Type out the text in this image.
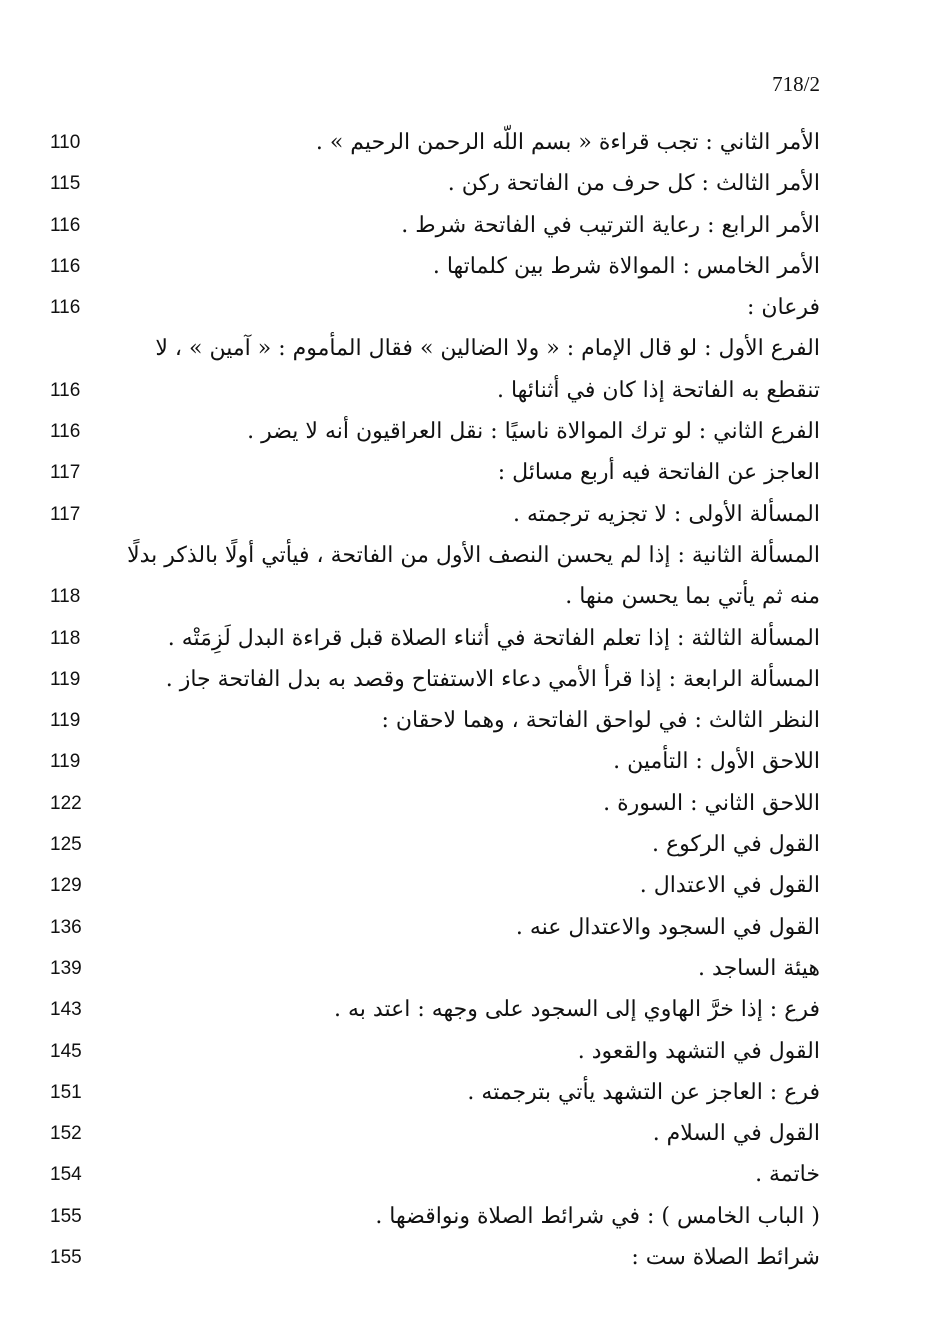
718/2
الأمر الثاني : تجب قراءة « بسم اللّه الرحمن الرحيم » .
110
الأمر الثالث : كل حرف من الفاتحة ركن .
115
الأمر الرابع : رعاية الترتيب في الفاتحة شرط .
116
الأمر الخامس : الموالاة شرط بين كلماتها .
116
فرعان :
116
الفرع الأول : لو قال الإمام : « ولا الضالين » فقال المأموم : « آمين » ، لا تنقطع به الفاتحة إذا كان في أثنائها .
116
الفرع الثاني : لو ترك الموالاة ناسيًا : نقل العراقيون أنه لا يضر .
116
العاجز عن الفاتحة فيه أربع مسائل :
117
المسألة الأولى : لا تجزيه ترجمته .
117
المسألة الثانية : إذا لم يحسن النصف الأول من الفاتحة ، فيأتي أولًا بالذكر بدلًا منه ثم يأتي بما يحسن منها .
118
المسألة الثالثة : إذا تعلم الفاتحة في أثناء الصلاة قبل قراءة البدل لَزِمَتْه .
118
المسألة الرابعة : إذا قرأ الأمي دعاء الاستفتاح وقصد به بدل الفاتحة جاز .
119
النظر الثالث : في لواحق الفاتحة ، وهما لاحقان :
119
اللاحق الأول : التأمين .
119
اللاحق الثاني : السورة .
122
القول في الركوع .
125
القول في الاعتدال .
129
القول في السجود والاعتدال عنه .
136
هيئة الساجد .
139
فرع : إذا خرَّ الهاوي إلى السجود على وجهه : اعتد به .
143
القول في التشهد والقعود .
145
فرع : العاجز عن التشهد يأتي بترجمته .
151
القول في السلام .
152
خاتمة .
154
( الباب الخامس ) : في شرائط الصلاة ونواقضها .
155
شرائط الصلاة ست :
155
